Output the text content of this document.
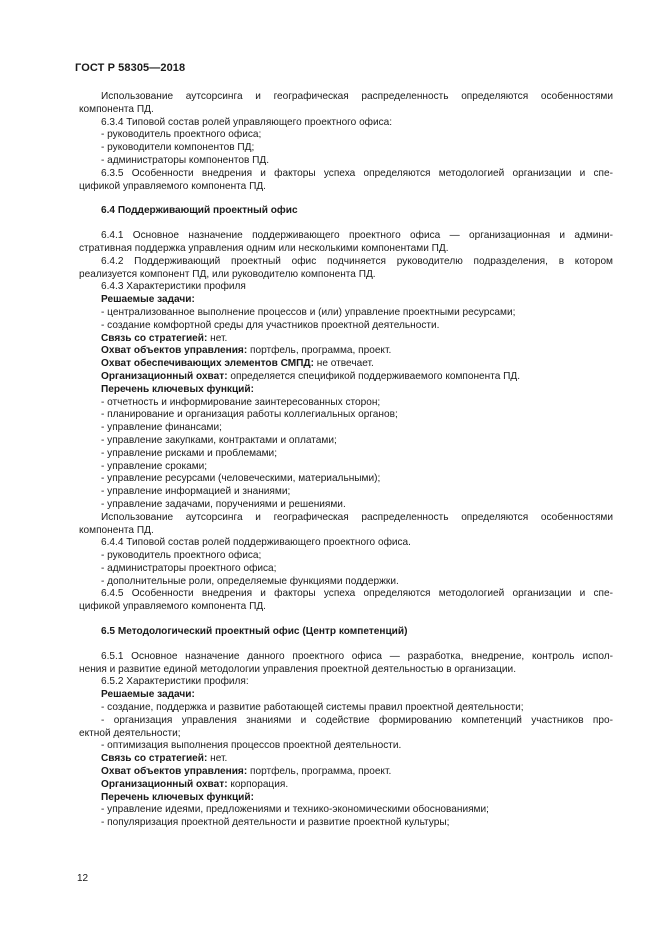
ГОСТ Р 58305—2018
Использование аутсорсинга и географическая распределенность определяются особенностями
компонента ПД.
6.3.4 Типовой состав ролей управляющего проектного офиса:
- руководитель проектного офиса;
- руководители компонентов ПД;
- администраторы компонентов ПД.
6.3.5 Особенности внедрения и факторы успеха определяются методологией организации и спе-
цификой управляемого компонента ПД.
6.4 Поддерживающий проектный офис
6.4.1 Основное назначение поддерживающего проектного офиса — организационная и админи-
стративная поддержка управления одним или несколькими компонентами ПД.
6.4.2 Поддерживающий проектный офис подчиняется руководителю подразделения, в котором
реализуется компонент ПД, или руководителю компонента ПД.
6.4.3 Характеристики профиля
Решаемые задачи:
- централизованное выполнение процессов и (или) управление проектными ресурсами;
- создание комфортной среды для участников проектной деятельности.
Связь со стратегией: нет.
Охват объектов управления: портфель, программа, проект.
Охват обеспечивающих элементов СМПД: не отвечает.
Организационный охват: определяется спецификой поддерживаемого компонента ПД.
Перечень ключевых функций:
- отчетность и информирование заинтересованных сторон;
- планирование и организация работы коллегиальных органов;
- управление финансами;
- управление закупками, контрактами и оплатами;
- управление рисками и проблемами;
- управление сроками;
- управление ресурсами (человеческими, материальными);
- управление информацией и знаниями;
- управление задачами, поручениями и решениями.
Использование аутсорсинга и географическая распределенность определяются особенностями
компонента ПД.
6.4.4 Типовой состав ролей поддерживающего проектного офиса.
- руководитель проектного офиса;
- администраторы проектного офиса;
- дополнительные роли, определяемые функциями поддержки.
6.4.5 Особенности внедрения и факторы успеха определяются методологией организации и спе-
цификой управляемого компонента ПД.
6.5 Методологический проектный офис (Центр компетенций)
6.5.1 Основное назначение данного проектного офиса — разработка, внедрение, контроль испол-
нения и развитие единой методологии управления проектной деятельностью в организации.
6.5.2 Характеристики профиля:
Решаемые задачи:
- создание, поддержка и развитие работающей системы правил проектной деятельности;
- организация управления знаниями и содействие формированию компетенций участников про-
ектной деятельности;
- оптимизация выполнения процессов проектной деятельности.
Связь со стратегией: нет.
Охват объектов управления: портфель, программа, проект.
Организационный охват: корпорация.
Перечень ключевых функций:
- управление идеями, предложениями и технико-экономическими обоснованиями;
- популяризация проектной деятельности и развитие проектной культуры;
12
